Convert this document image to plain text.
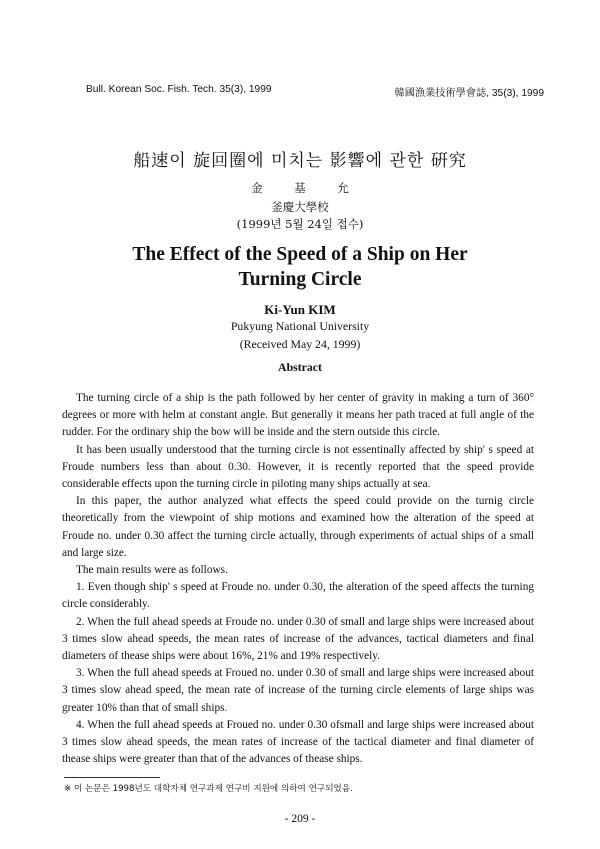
Bull. Korean Soc. Fish. Tech. 35(3), 1999	韓國漁業技術學會誌, 35(3), 1999
船速이 旋回圈에 미치는 影響에 관한 硏究
金 基 允
釜慶大學校
(1999년 5월 24일 접수)
The Effect of the Speed of a Ship on Her
Turning Circle
Ki-Yun KIM
Pukyung National University
(Received May 24, 1999)
Abstract

The turning circle of a ship is the path followed by her center of gravity in making a turn of 360° degrees or more with helm at constant angle. But generally it means her path traced at full angle of the rudder. For the ordinary ship the bow will be inside and the stern outside this circle.

It has been usually understood that the turning circle is not essentinally affected by ship' s speed at Froude numbers less than about 0.30. However, it is recently reported that the speed provide considerable effects upon the turning circle in piloting many ships actually at sea.

In this paper, the author analyzed what effects the speed could provide on the turnig circle theoretically from the viewpoint of ship motions and examined how the alteration of the speed at Froude no. under 0.30 affect the turning circle actually, through experiments of actual ships of a small and large size.

The main results were as follows.

1. Even though ship' s speed at Froude no. under 0.30, the alteration of the speed affects the turning circle considerably.

2. When the full ahead speeds at Froude no. under 0.30 of small and large ships were increased about 3 times slow ahead speeds, the mean rates of increase of the advances, tactical diameters and final diameters of thease ships were about 16%, 21% and 19% respectively.

3. When the full ahead speeds at Froued no. under 0.30 of small and large ships were increased about 3 times slow ahead speed, the mean rate of increase of the turning circle elements of large ships was greater 10% than that of small ships.

4. When the full ahead speeds at Froued no. under 0.30 ofsmall and large ships were increased about 3 times slow ahead speeds, the mean rates of increase of the tactical diameter and final diameter of thease ships were greater than that of the advances of thease ships.

※ 이 논문은 1998년도 대학자체 연구과제 연구비 지원에 의하여 연구되었음.
- 209 -
